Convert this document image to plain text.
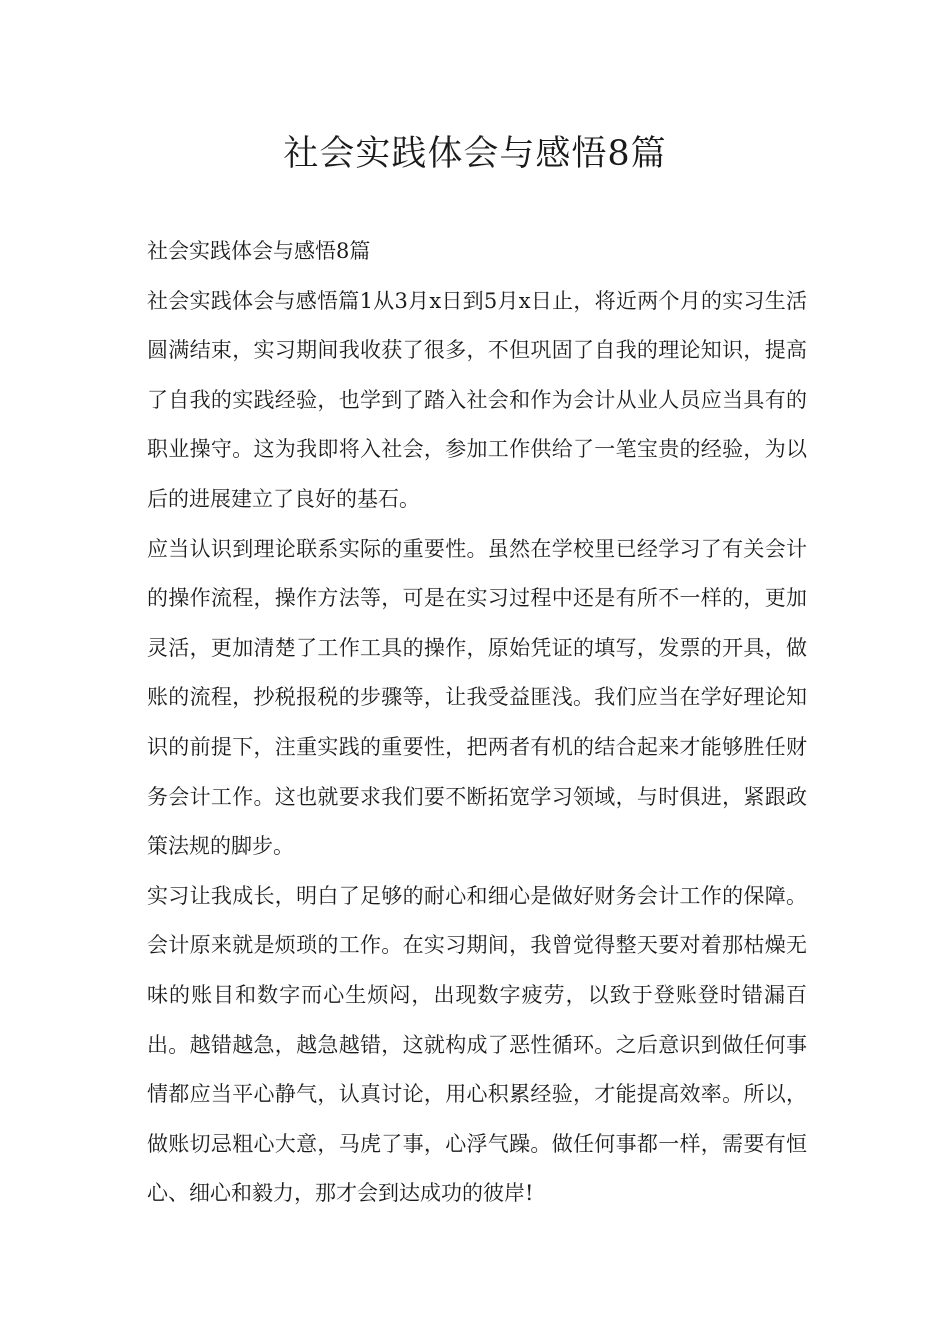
社会实践体会与感悟8篇

社会实践体会与感悟8篇

社会实践体会与感悟篇1从3月x日到5月x日止，将近两个月的实习生活圆满结束，实习期间我收获了很多，不但巩固了自我的理论知识，提高了自我的实践经验，也学到了踏入社会和作为会计从业人员应当具有的职业操守。这为我即将入社会，参加工作供给了一笔宝贵的经验，为以后的进展建立了良好的基石。

应当认识到理论联系实际的重要性。虽然在学校里已经学习了有关会计的操作流程，操作方法等，可是在实习过程中还是有所不一样的，更加灵活，更加清楚了工作工具的操作，原始凭证的填写，发票的开具，做账的流程，抄税报税的步骤等，让我受益匪浅。我们应当在学好理论知识的前提下，注重实践的重要性，把两者有机的结合起来才能够胜任财务会计工作。这也就要求我们要不断拓宽学习领域，与时俱进，紧跟政策法规的脚步。

实习让我成长，明白了足够的耐心和细心是做好财务会计工作的保障。会计原来就是烦琐的工作。在实习期间，我曾觉得整天要对着那枯燥无味的账目和数字而心生烦闷，出现数字疲劳，以致于登账登时错漏百出。越错越急，越急越错，这就构成了恶性循环。之后意识到做任何事情都应当平心静气，认真讨论，用心积累经验，才能提高效率。所以，做账切忌粗心大意，马虎了事，心浮气躁。做任何事都一样，需要有恒心、细心和毅力，那才会到达成功的彼岸!
